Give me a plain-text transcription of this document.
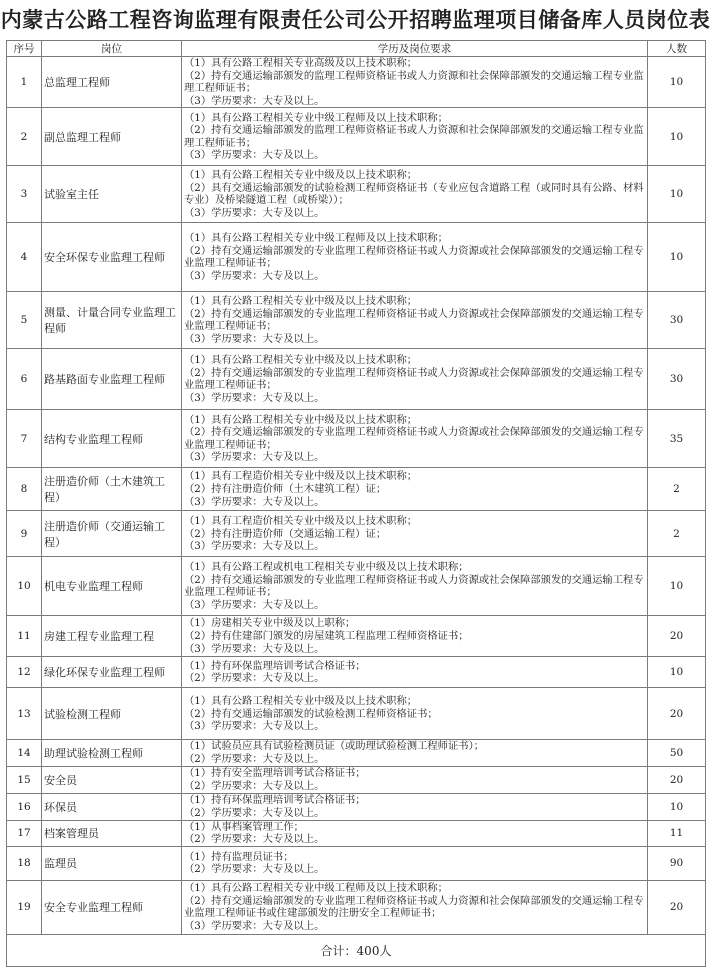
内蒙古公路工程咨询监理有限责任公司公开招聘监理项目储备库人员岗位表
序号	岗位	学历及岗位要求	人数
1	总监理工程师	（1）具有公路工程相关专业高级及以上技术职称；
（2）持有交通运输部颁发的监理工程师资格证书或人力资源和社会保障部颁发的交通运输工程专业监理工程师证书；
（3）学历要求：大专及以上。	10
2	副总监理工程师	（1）具有公路工程相关专业中级工程师及以上技术职称；
（2）持有交通运输部颁发的监理工程师资格证书或人力资源和社会保障部颁发的交通运输工程专业监理工程师证书；
（3）学历要求：大专及以上。	10
3	试验室主任	（1）具有公路工程相关专业中级及以上技术职称；
（2）具有交通运输部颁发的试验检测工程师资格证书（专业应包含道路工程（或同时具有公路、材料专业）及桥梁隧道工程（或桥梁））；
（3）学历要求：大专及以上。	10
4	安全环保专业监理工程师	（1）具有公路工程相关专业中级工程师及以上技术职称；
（2）持有交通运输部颁发的专业监理工程师资格证书或人力资源或社会保障部颁发的交通运输工程专业监理工程师证书；
（3）学历要求：大专及以上。	10
5	测量、计量合同专业监理工程师	（1）具有公路工程相关专业中级及以上技术职称；
（2）持有交通运输部颁发的专业监理工程师资格证书或人力资源或社会保障部颁发的交通运输工程专业监理工程师证书；
（3）学历要求：大专及以上。	30
6	路基路面专业监理工程师	（1）具有公路工程相关专业中级及以上技术职称；
（2）持有交通运输部颁发的专业监理工程师资格证书或人力资源或社会保障部颁发的交通运输工程专业监理工程师证书；
（3）学历要求：大专及以上。	30
7	结构专业监理工程师	（1）具有公路工程相关专业中级及以上技术职称；
（2）持有交通运输部颁发的专业监理工程师资格证书或人力资源或社会保障部颁发的交通运输工程专业监理工程师证书；
（3）学历要求：大专及以上。	35
8	注册造价师（土木建筑工程）	（1）具有工程造价相关专业中级及以上技术职称；
（2）持有注册造价师（土木建筑工程）证；
（3）学历要求：大专及以上。	2
9	注册造价师（交通运输工程）	（1）具有工程造价相关专业中级及以上技术职称；
（2）持有注册造价师（交通运输工程）证；
（3）学历要求：大专及以上。	2
10	机电专业监理工程师	（1）具有公路工程或机电工程相关专业中级及以上技术职称；
（2）持有交通运输部颁发的专业监理工程师资格证书或人力资源或社会保障部颁发的交通运输工程专业监理工程师证书；
（3）学历要求：大专及以上。	10
11	房建工程专业监理工程	（1）房建相关专业中级及以上职称；
（2）持有住建部门颁发的房屋建筑工程监理工程师资格证书；
（3）学历要求：大专及以上。	20
12	绿化环保专业监理工程师	（1）持有环保监理培训考试合格证书；
（2）学历要求：大专及以上。	10
13	试验检测工程师	（1）具有公路工程相关专业中级及以上技术职称；
（2）持有交通运输部颁发的试验检测工程师资格证书；
（3）学历要求：大专及以上。	20
14	助理试验检测工程师	（1）试验员应具有试验检测员证（或助理试验检测工程师证书）；
（2）学历要求：大专及以上。	50
15	安全员	（1）持有安全监理培训考试合格证书；
（2）学历要求：大专及以上。	20
16	环保员	（1）持有环保监理培训考试合格证书；
（2）学历要求：大专及以上。	10
17	档案管理员	（1）从事档案管理工作；
（2）学历要求：大专及以上。	11
18	监理员	（1）持有监理员证书；
（2）学历要求：大专及以上。	90
19	安全专业监理工程师	（1）具有公路工程相关专业中级工程师及以上技术职称；
（2）持有交通运输部颁发的专业监理工程师资格证书或人力资源和社会保障部颁发的交通运输工程专业监理工程师证书或住建部颁发的注册安全工程师证书；
（3）学历要求：大专及以上。	20
合计：400人			
